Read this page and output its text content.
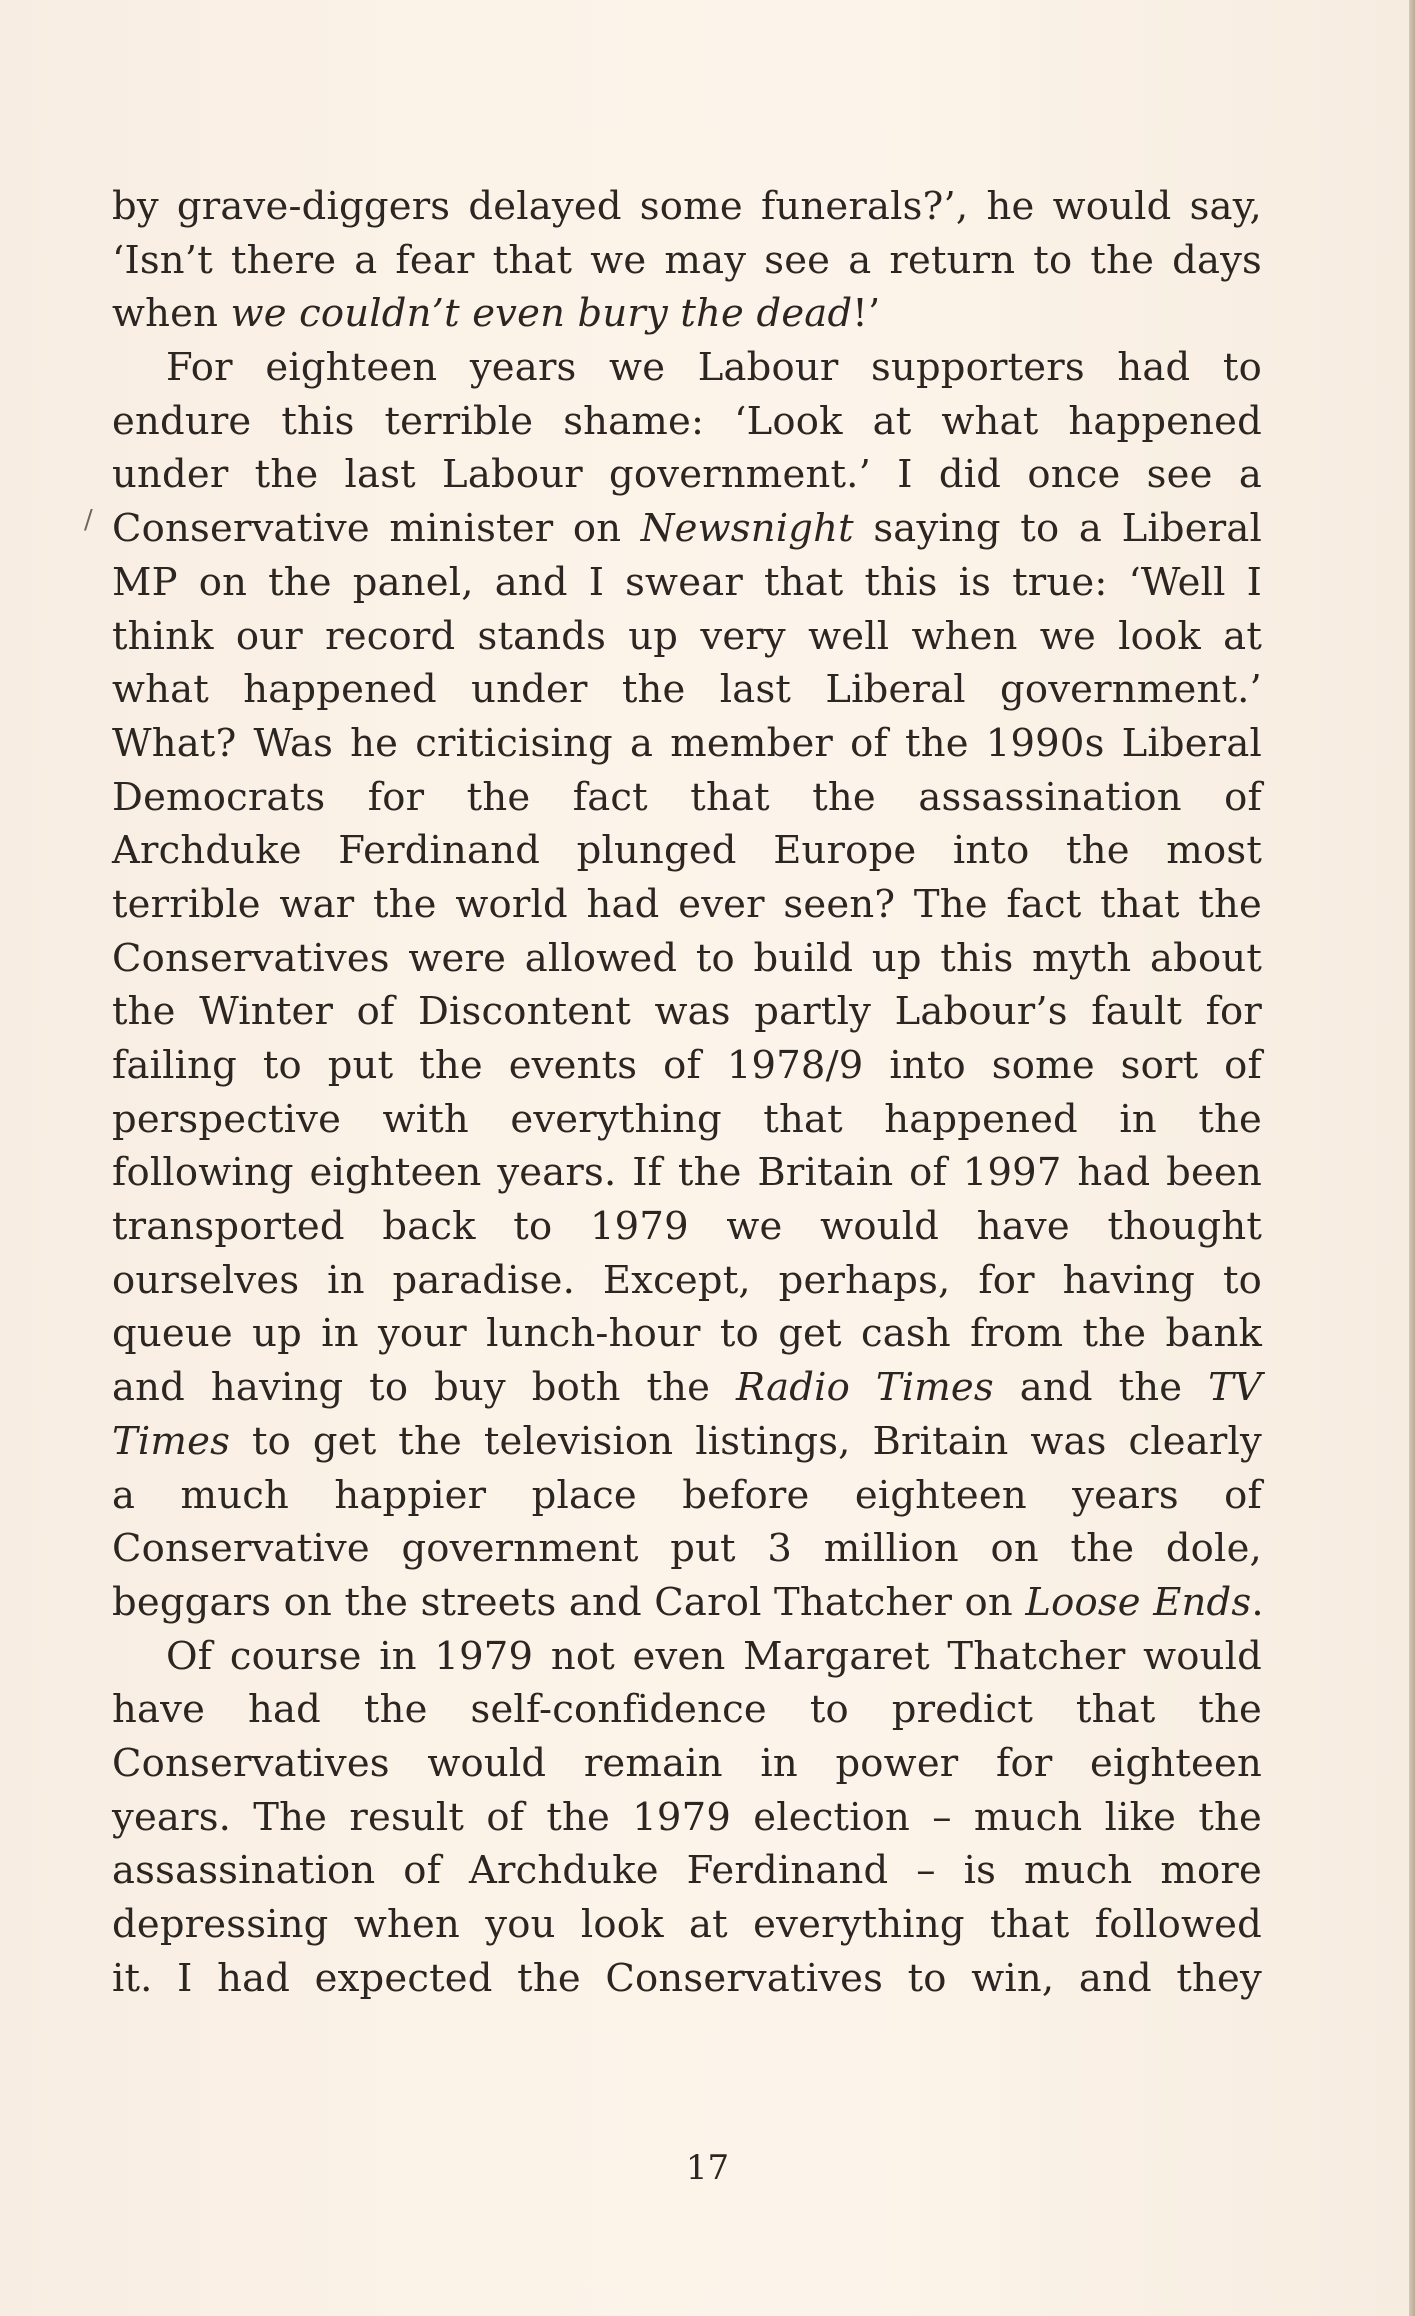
/
by grave-diggers delayed some funerals?’, he would say,
‘Isn’t there a fear that we may see a return to the days
when we couldn’t even bury the dead!’
For eighteen years we Labour supporters had to
endure this terrible shame: ‘Look at what happened
under the last Labour government.’ I did once see a
Conservative minister on Newsnight saying to a Liberal
MP on the panel, and I swear that this is true: ‘Well I
think our record stands up very well when we look at
what happened under the last Liberal government.’
What? Was he criticising a member of the 1990s Liberal
Democrats for the fact that the assassination of
Archduke Ferdinand plunged Europe into the most
terrible war the world had ever seen? The fact that the
Conservatives were allowed to build up this myth about
the Winter of Discontent was partly Labour’s fault for
failing to put the events of 1978/9 into some sort of
perspective with everything that happened in the
following eighteen years. If the Britain of 1997 had been
transported back to 1979 we would have thought
ourselves in paradise. Except, perhaps, for having to
queue up in your lunch-hour to get cash from the bank
and having to buy both the Radio Times and the TV
Times to get the television listings, Britain was clearly
a much happier place before eighteen years of
Conservative government put 3 million on the dole,
beggars on the streets and Carol Thatcher on Loose Ends.
Of course in 1979 not even Margaret Thatcher would
have had the self-confidence to predict that the
Conservatives would remain in power for eighteen
years. The result of the 1979 election – much like the
assassination of Archduke Ferdinand – is much more
depressing when you look at everything that followed
it. I had expected the Conservatives to win, and they
17
